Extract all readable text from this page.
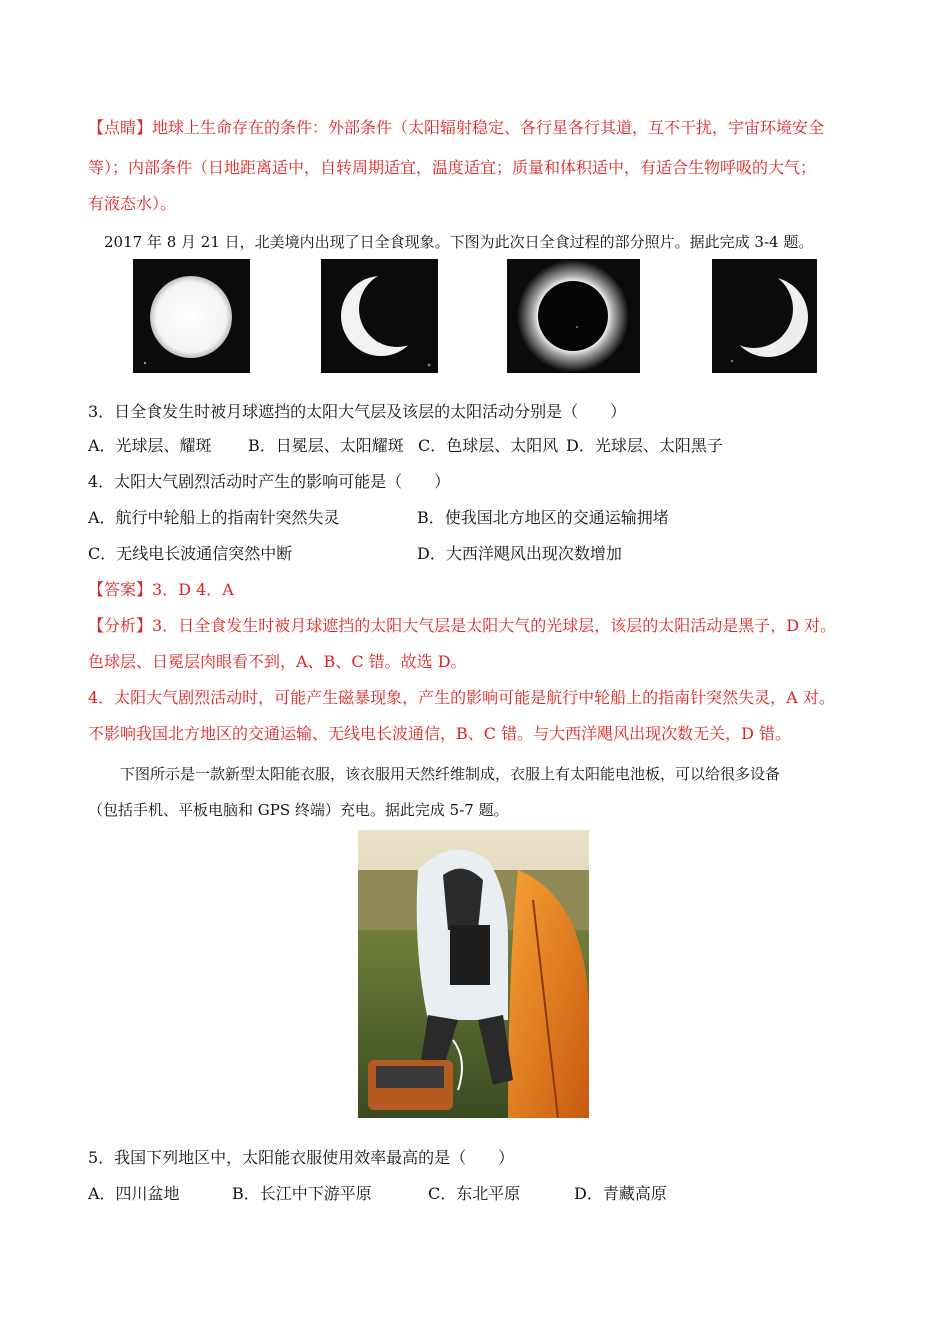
【点睛】地球上生命存在的条件：外部条件（太阳辐射稳定、各行星各行其道，互不干扰，宇宙环境安全
等）；内部条件（日地距离适中，自转周期适宜，温度适宜；质量和体积适中，有适合生物呼吸的大气；
有液态水）。
2017 年 8 月 21 日，北美境内出现了日全食现象。下图为此次日全食过程的部分照片。据此完成 3-4 题。
3．日全食发生时被月球遮挡的太阳大气层及该层的太阳活动分别是（　　）
A．光球层、耀斑 B．日冕层、太阳耀斑 C．色球层、太阳风 D．光球层、太阳黑子
4．太阳大气剧烈活动时产生的影响可能是（　　）
A．航行中轮船上的指南针突然失灵	B．使我国北方地区的交通运输拥堵
C．无线电长波通信突然中断	D．大西洋飓风出现次数增加
【答案】3．D 4．A
【分析】3．日全食发生时被月球遮挡的太阳大气层是太阳大气的光球层，该层的太阳活动是黑子，D 对。
色球层、日冕层肉眼看不到，A、B、C 错。故选 D。
4．太阳大气剧烈活动时，可能产生磁暴现象，产生的影响可能是航行中轮船上的指南针突然失灵，A 对。
不影响我国北方地区的交通运输、无线电长波通信，B、C 错。与大西洋飓风出现次数无关，D 错。
下图所示是一款新型太阳能衣服，该衣服用天然纤维制成，衣服上有太阳能电池板，可以给很多设备
（包括手机、平板电脑和 GPS 终端）充电。据此完成 5-7 题。
5．我国下列地区中，太阳能衣服使用效率最高的是（　　）
A．四川盆地	B．长江中下游平原	C．东北平原	D．青藏高原
